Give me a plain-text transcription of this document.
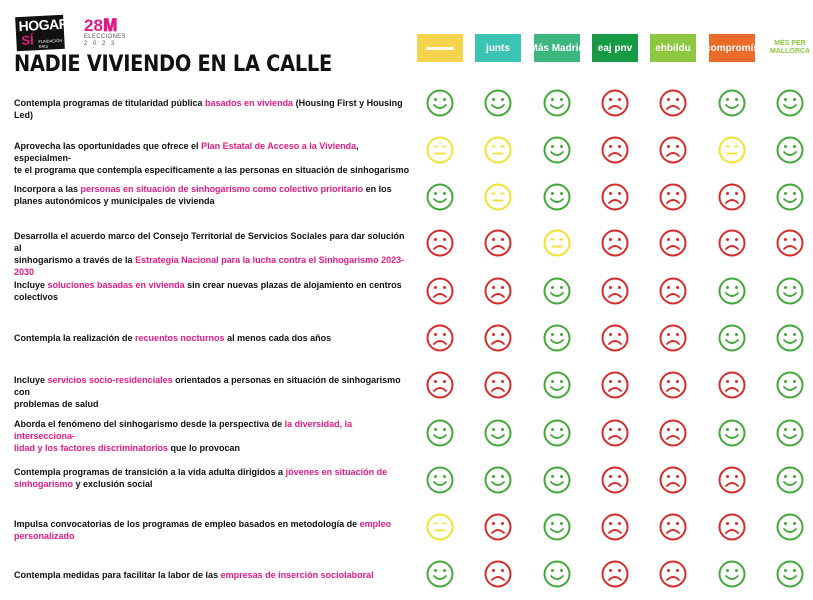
HOGAR
SÍ FUNDACIÓN RAIS
28𝐌
ELECCIONES
2 0 2 3
NADIE VIVIENDO EN LA CALLE
junts Más Madrid eaj pnv ehbildu compromís	MÉS PER MALLORCA
Contempla programas de titularidad pública basados en vivienda (Housing First y Housing Led)
Aprovecha las oportunidades que ofrece el Plan Estatal de Acceso a la Vivienda, especialmen-
te el programa que contempla específicamente a las personas en situación de sinhogarismo
Incorpora a las personas en situación de sinhogarismo como colectivo prioritario en los
planes autonómicos y municipales de vivienda
Desarrolla el acuerdo marco del Consejo Territorial de Servicios Sociales para dar solución al
sinhogarismo a través de la Estrategia Nacional para la lucha contra el Sinhogarismo 2023-2030
Incluye soluciones basadas en vivienda sin crear nuevas plazas de alojamiento en centros
colectivos
Contempla la realización de recuentos nocturnos al menos cada dos años
Incluye servicios socio-residenciales orientados a personas en situación de sinhogarismo con
problemas de salud
Aborda el fenómeno del sinhogarismo desde la perspectiva de la diversidad, la interseccionа-
lidad y los factores discriminatorios que lo provocan
Contempla programas de transición a la vida adulta dirigidos a jóvenes en situación de
sinhogarismo y exclusión social
Impulsa convocatorias de los programas de empleo basados en metodología de empleo
personalizado
Contempla medidas para facilitar la labor de las empresas de inserción sociolaboral
